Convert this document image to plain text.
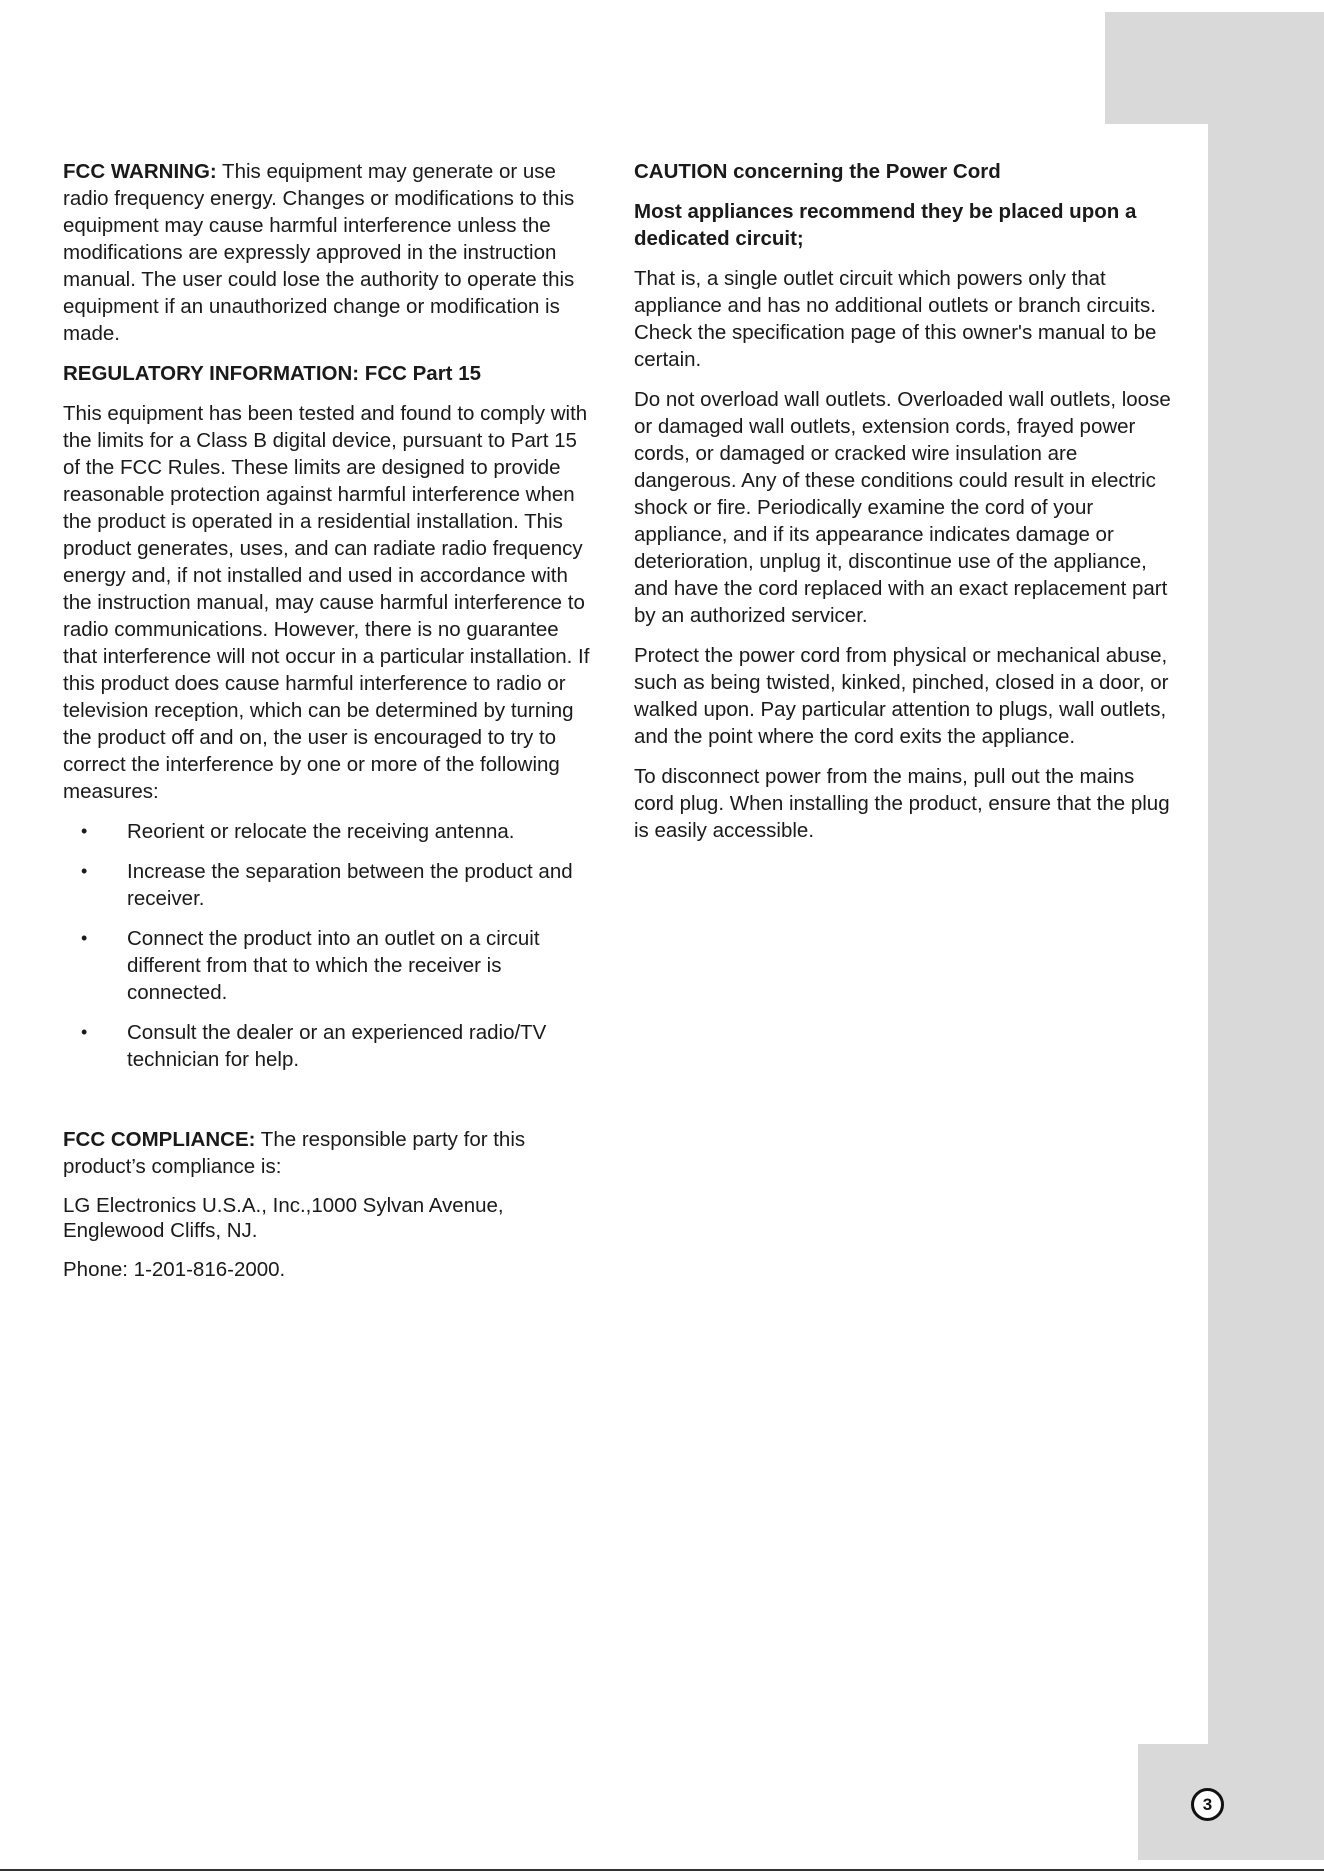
3

FCC WARNING: This equipment may generate or use radio frequency energy. Changes or modifications to this equipment may cause harmful interference unless the modifications are expressly approved in the instruction manual. The user could lose the authority to operate this equipment if an unauthorized change or modification is made.

REGULATORY INFORMATION: FCC Part 15

This equipment has been tested and found to comply with the limits for a Class B digital device, pursuant to Part 15 of the FCC Rules. These limits are designed to provide reasonable protection against harmful interference when the product is operated in a residential installation. This product generates, uses, and can radiate radio frequency energy and, if not installed and used in accordance with the instruction manual, may cause harmful interference to radio communications. However, there is no guarantee that interference will not occur in a particular installation. If this product does cause harmful interference to radio or television reception, which can be determined by turning the product off and on, the user is encouraged to try to correct the interference by one or more of the following measures:

• Reorient or relocate the receiving antenna.
• Increase the separation between the product and receiver.
• Connect the product into an outlet on a circuit different from that to which the receiver is connected.
• Consult the dealer or an experienced radio/TV technician for help.

FCC COMPLIANCE: The responsible party for this product’s compliance is:

LG Electronics U.S.A., Inc.,1000 Sylvan Avenue,
Englewood Cliffs, NJ.

Phone: 1-201-816-2000.

CAUTION concerning the Power Cord

Most appliances recommend they be placed upon a dedicated circuit;

That is, a single outlet circuit which powers only that appliance and has no additional outlets or branch circuits. Check the specification page of this owner's manual to be certain.

Do not overload wall outlets. Overloaded wall outlets, loose or damaged wall outlets, extension cords, frayed power cords, or damaged or cracked wire insulation are dangerous. Any of these conditions could result in electric shock or fire. Periodically examine the cord of your appliance, and if its appearance indicates damage or deterioration, unplug it, discontinue use of the appliance, and have the cord replaced with an exact replacement part by an authorized servicer.

Protect the power cord from physical or mechanical abuse, such as being twisted, kinked, pinched, closed in a door, or walked upon. Pay particular attention to plugs, wall outlets, and the point where the cord exits the appliance.

To disconnect power from the mains, pull out the mains cord plug. When installing the product, ensure that the plug is easily accessible.
